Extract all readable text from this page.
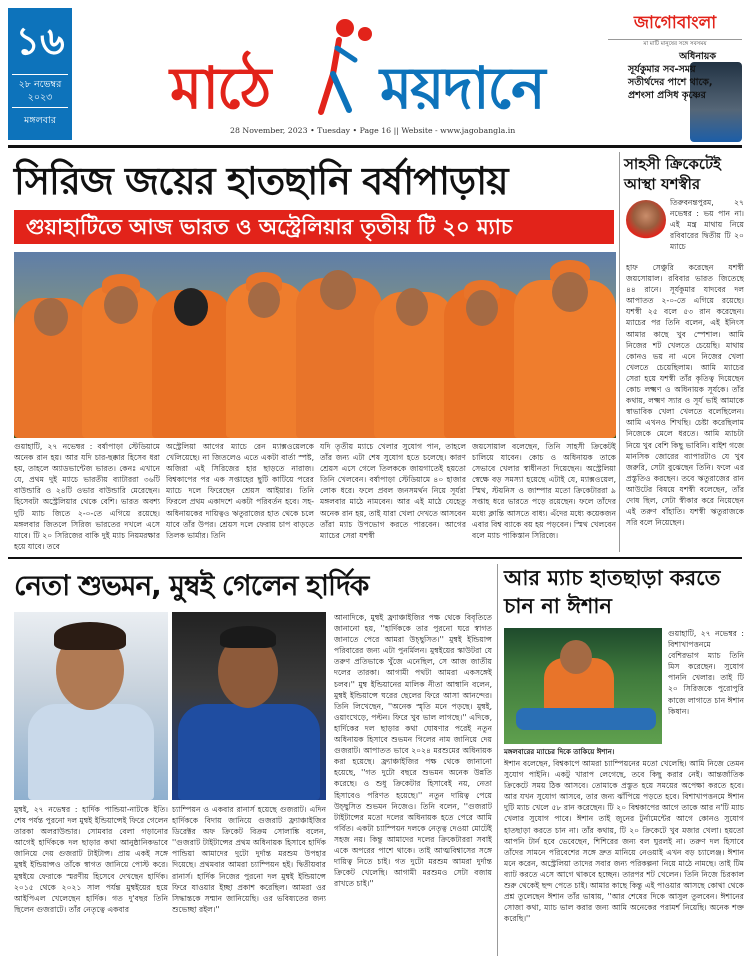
১৬
২৮ নভেম্বর
২০২৩
মঙ্গলবার মাঠে ময়দানে
28 November, 2023 • Tuesday • Page 16 || Website - www.jagobangla.in
জাগোবাংলা
মা মাটি মানুষের সঙ্গে সবসময়
অধিনায়ক
সূর্যকুমার সব-সময় সতীর্থদের পাশে থাকে, প্রশংসা প্রসিধ কৃষ্ণের
সিরিজ জয়ের হাতছানি বর্ষাপাড়ায়
গুয়াহাটিতে আজ ভারত ও অস্ট্রেলিয়ার তৃতীয় টি ২০ ম্যাচ
গুয়াহাটি, ২৭ নভেম্বর : বর্ষাপাড়া স্টেডিয়ামে অনেক রান হয়। আর যদি চার-ছক্কার হিসেব ধরা হয়, তাহলে অ্যাডভান্টেজ ভারত। কেনঃ এখানে যে, প্রথম দুই ম্যাচে ভারতীয় ব্যাটাররা ৩৬টি বাউন্ডারি ও ২৪টি ওভার বাউন্ডারি মেরেছেন। হিসেবটা অস্ট্রেলিয়ার থেকে বেশি। ভারত অবশ্য দুটি ম্যাচ জিতে ২-০-তে এগিয়ে রয়েছে। মঙ্গলবার জিতলে সিরিজ ভারতের দখলে এসে যাবে। টি ২০ সিরিজের বাকি দুই ম্যাচ নিয়মরক্ষার হয়ে যাবে। তবে
অস্ট্রেলিয়া আগের ম্যাচে রেন ম্যাক্সওয়েলকে খেলিয়েছে। না জিতলেও এতে একটা বার্তা স্পষ্ট, অজিরা এই সিরিজের হার ছাড়তে নারাজ। বিশ্বকাপের পর এক সপ্তাহের ছুটি কাটিয়ে পরের ম্যাচে দলে ফিরেছেন শ্রেয়স আইয়ার। তিনি ফিরলে প্রথম একাদশে একটা পরিবর্তন হবে। সহ-অধিনায়কের দায়িত্বও ঋতুরাজের হাত থেকে চলে যাবে তাঁর উপর। শ্রেয়স দলে ফেরায় চাপ বাড়তে তিলক ভার্মার। তিনি
যদি তৃতীয় ম্যাচে খেলার সুযোগ পান, তাহলে তাঁর জন্য এটা শেষ সুযোগ হতে চলেছে। কারণ শ্রেয়স এসে গেলে তিলককে জায়গাতেই হয়তো তিনি খেলবেন। বর্ষাপাড়া স্টেডিয়ামে ৪০ হাজার লোক ধরে। ফলে প্রবল জনসমর্থন নিয়ে সূর্যরা মঙ্গলবার মাঠে নামবেন। আর এই মাঠে যেহেতু অনেক রান হয়, তাই যারা খেলা দেখতে আসবেন তাঁরা ম্যাচ উপভোগ করতে পারবেন। আগের ম্যাচের সেরা যশস্বী
জয়সোয়াল বলেছেন, তিনি সাহসী ক্রিকেটই চালিয়ে যাবেন। কোচ ও অধিনায়ক তাকে সেভাবে খেলার স্বাধীনতা দিয়েছেন। অস্ট্রেলিয়া স্বেক্ষে বড় সমস্যা হয়েছে এটাই যে, ম্যাক্সওয়েল, স্মিথ, স্টয়নিস ও জাম্পার মতো ক্রিকেটাররা ৯ সপ্তাহ ধরে ভারতে পড়ে রয়েছেন। ফলে তাঁদের মধ্যে ক্লান্তি আসতে বাধ্য। এঁদের মধ্যে কয়েকজন এবার বিশ্ব ব্যাকে বয় হয় পড়বেন। স্মিথ খেলবেন বলে ম্যাচ পাকিস্তান সিরিজে।
সাহসী ক্রিকেটেই আস্থা যশস্বীর
তিরুবনন্তপুরম, ২৭ নভেম্বর : ভয় পান না। এই মন্ত্র মাথায় নিয়ে রবিবারের দ্বিতীয় টি ২০ ম্যাচে
হাফ সেঞ্চুরি করেছেন যশস্বী জয়সোয়াল। রবিবার ভারত জিতেছে ৪৪ রানে। সূর্যকুমার যাদবের দল আপাতত ২-০-তে এগিয়ে রয়েছে। যশস্বী ২৫ বলে ৫৩ রান করেছেন। ম্যাচের পর তিনি বলেন, এই ইনিংস আমার কাছে খুব স্পেশাল। আমি নিজের শট খেলতে চেয়েছি। মাথায় কোনও ভয় না এনে নিজের খেলা খেলতে চেয়েছিলাম। আমি ম্যাচের সেরা হয়ে যশস্বী তাঁর কৃতিত্ব দিয়েছেন কোচ লক্ষ্মণ ও অধিনায়ক সূর্যকে। তাঁর কথায়, লক্ষ্মণ স্যার ও সূর্য ভাই আমাকে স্বাভাবিক খেলা খেলতে বলেছিলেন। আমি এখনও শিখছি। চেষ্টা করেছিলাম নিজেকে মেলে ধরতে। আমি ম্যাচটা নিয়ে খুব বেশি কিছু ভাবিনি। বাইশ গজে মানসিক জোরের ব্যাপারটাও যে খুব জরুরি, সেটা বুঝেছেন তিনি। ফলে এর প্রস্তুতিও করছেন। তবে ঋতুরাজের রান আউটের বিষয়ে যশস্বী বলেছেন, তাঁর দোষ ছিল, সেটা স্বীকার করে নিয়েছেন এই তরুণ বাঁহাতি। যশস্বী ঋতুরাজকে সরি বলে নিয়েছেন।
নেতা শুভমন, মুম্বই গেলেন হার্দিক
মুম্বই, ২৭ নভেম্বর : হার্দিক পান্ডিয়া-নাটকে ইতি। শেষ পর্যন্ত পুরনো দল মুম্বই ইন্ডিয়ান্সেই ফিরে গেলেন তারকা অলরাউন্ডার। সোমবার বেলা গড়ানোর আগেই হার্দিককে দল ছাড়ার কথা আনুষ্ঠানিকভাবে জানিয়ে দেয় গুজরাট টাইটান্স। প্রায় একই সঙ্গে মুম্বই ইন্ডিয়ান্সও তাঁকে স্বাগত জানিয়ে পোস্ট করে। মুম্বইয়ে ফেরাকে স্মরণীয় হিসেবে দেখছেন হার্দিক। ২০১৫ থেকে ২০২১ সাল পর্যন্ত মুম্বইয়ের হয়ে আইপিএল খেলেছেন হার্দিক। গত দু'বছর তিনি ছিলেন গুজরাটে। তাঁর নেতৃত্বে একবার
চ্যাম্পিয়ন ও একবার রানার্স হয়েছে গুজরাট। এদিন হার্দিককে বিদায় জানিয়ে গুজরাট ফ্র্যাঞ্চাইজির ডিরেক্টর অফ ক্রিকেট বিক্রম সোলাঙ্কি বলেন, ''গুজরাট টাইটান্সের প্রথম অধিনায়ক হিসাবে হার্দিক পান্ডিয়া আমাদের দুটো দুর্দান্ত মরশুম উপহার দিয়েছে। প্রথমবার আমরা চ্যাম্পিয়ন হই। দ্বিতীয়বার রানার্স। হার্দিক নিজের পুরনো দল মুম্বই ইন্ডিয়ান্সে ফিরে যাওয়ার ইচ্ছা প্রকাশ করেছিল। আমরা ওর সিদ্ধান্তকে সম্মান জানিয়েছি। ওর ভবিষ্যতের জন্য শুভেচ্ছা রইল।''
আনাদিকে, মুম্বই ফ্র্যাঞ্চাইজির পক্ষ থেকে বিবৃতিতে জানানো হয়, ''হার্দিককে তার পুরনো ঘরে স্বাগত জানাতে পেরে আমরা উচ্ছ্বসিত।'' মুম্বই ইন্ডিয়ান্স পরিবারের জন্য এটা পুনর্মিলন। মুম্বইয়ের স্কাউটরা যে তরুণ প্রতিভাকে খুঁজে এনেছিল, সে আজ জাতীয় দলের তারকা। আগামী পথটা আমরা একসঙ্গেই চলব।'' মুম্ব ইন্ডিয়ানের মালিক নীতা আম্বানি বলেন, মুম্বই ইন্ডিয়ান্সে ঘরের ছেলের ফিরে আসা আনন্দের। তিনি লিখেছেন, ''অনেক স্মৃতি মনে পড়ছে। মুম্বই, ওয়াংখেড়ে, পল্টন। ফিরে খুব ভাল লাগছে।'' এদিকে, হার্দিকের দল ছাড়ার কথা ঘোষণার পরেই নতুন অধিনায়ক হিসাবে শুভমন গিলের নাম জানিয়ে দেয় গুজরাট। আপাতত ভাবে ২০২৪ মরশুমের অধিনায়ক করা হয়েছে। ফ্র্যাঞ্চাইজির পক্ষ থেকে জানানো হয়েছে, ''গত দুটো বছরে শুভমন অনেক উন্নতি করেছে। ও শুধু ক্রিকেটার হিসাবেই নয়, নেতা হিসাবেও পরিণত হয়েছে।'' নতুন দায়িত্ব পেয়ে উচ্ছ্বসিত শুভমন নিজেও। তিনি বলেন, ''গুজরাট টাইটান্সের মতো দলের অধিনায়ক হতে পেরে আমি গর্বিত। একটা চ্যাম্পিয়ন দলকে নেতৃত্ব দেওয়া মোটেই সহজ নয়। কিন্তু আমাদের দলের ক্রিকেটাররা সবাই একে অপরের পাশে থাকে। তাই আত্মবিশ্বাসের সঙ্গে দায়িত্ব নিতে চাই। গত দুটো মরশুম আমরা দুর্দান্ত ক্রিকেট খেলেছি। আগামী মরশুমও সেটা বজায় রাখতে চাই।''
আর ম্যাচ হাতছাড়া করতে চান না ঈশান
মঙ্গলবারের ম্যাচের দিকে তাকিয়ে ঈশান।
গুয়াহাটি, ২৭ নভেম্বর : বিশাখাপত্তনমে বেশিরভাগ ম্যাচ তিনি মিস করেছেন। সুযোগ পাননি খেলার। তাই টি ২০ সিরিজকে পুরোপুরি কাজে লাগাতে চান ঈশান কিষান।
ঈশান বলেছেন, বিশ্বকাপে আমরা চ্যাম্পিয়নের মতো খেলেছি। আমি নিজে তেমন সুযোগ পাইনি। একটু খারাপ লেগেছে, তবে কিছু করার নেই। আন্তর্জাতিক ক্রিকেটে সময় ঠিক আসবে। তোমাকে প্রস্তুত হয়ে সময়ের অপেক্ষা করতে হবে। আর যখন সুযোগ আসবে, তার জন্য ঝাঁপিয়ে পড়তে হবে। বিশাখাপত্তনমে ঈশান দুটি ম্যাচ খেলে ৫৮ রান করেছেন। টি ২০ বিশ্বকাপের আগে তাকে আর ন'টি ম্যাচ খেলার সুযোগ পাবে। ঈশান তাই জুনের টুর্নামেন্টের আগে কোনও সুযোগ হাতছাড়া করতে চান না। তাঁর কথায়, টি ২০ ক্রিকেটে খুব মজার খেলা। হয়তো আপনি টার্ন হবে ভেবেছেন, শিশিরের জন্য বল ঘুরলই না। তরুণ দল হিসাবে তাঁদের সামনে পরিবেশের সঙ্গে দ্রুত মানিয়ে নেওয়াই এখন বড় চ্যালেঞ্জ। ঈশান মনে করেন, অস্ট্রেলিয়া তাদের সবার জন্য পরিকল্পনা নিয়ে মাঠে নামছে। তাই টিম ব্যাট করতে এসে আগে থাকবে হচ্ছেন। তারপর শট খেলেন। তিনি নিজে চিরকাল শুরু থেকেই ছন্দ পেতে চাই। আমার কাছে কিন্তু এই পাওয়ার আসছে কোথা থেকে প্রশ্ন তুলেছেন ঈশান তাঁর ভাষায়, ''আর শেষের দিকে আসুল তুলবেন। ঈশানের সোজা কথা, ম্যাচ ভাল করার জন্য আমি অনেকের পরামর্শ নিয়েছি। অনেক শক্ত করেছি।''
